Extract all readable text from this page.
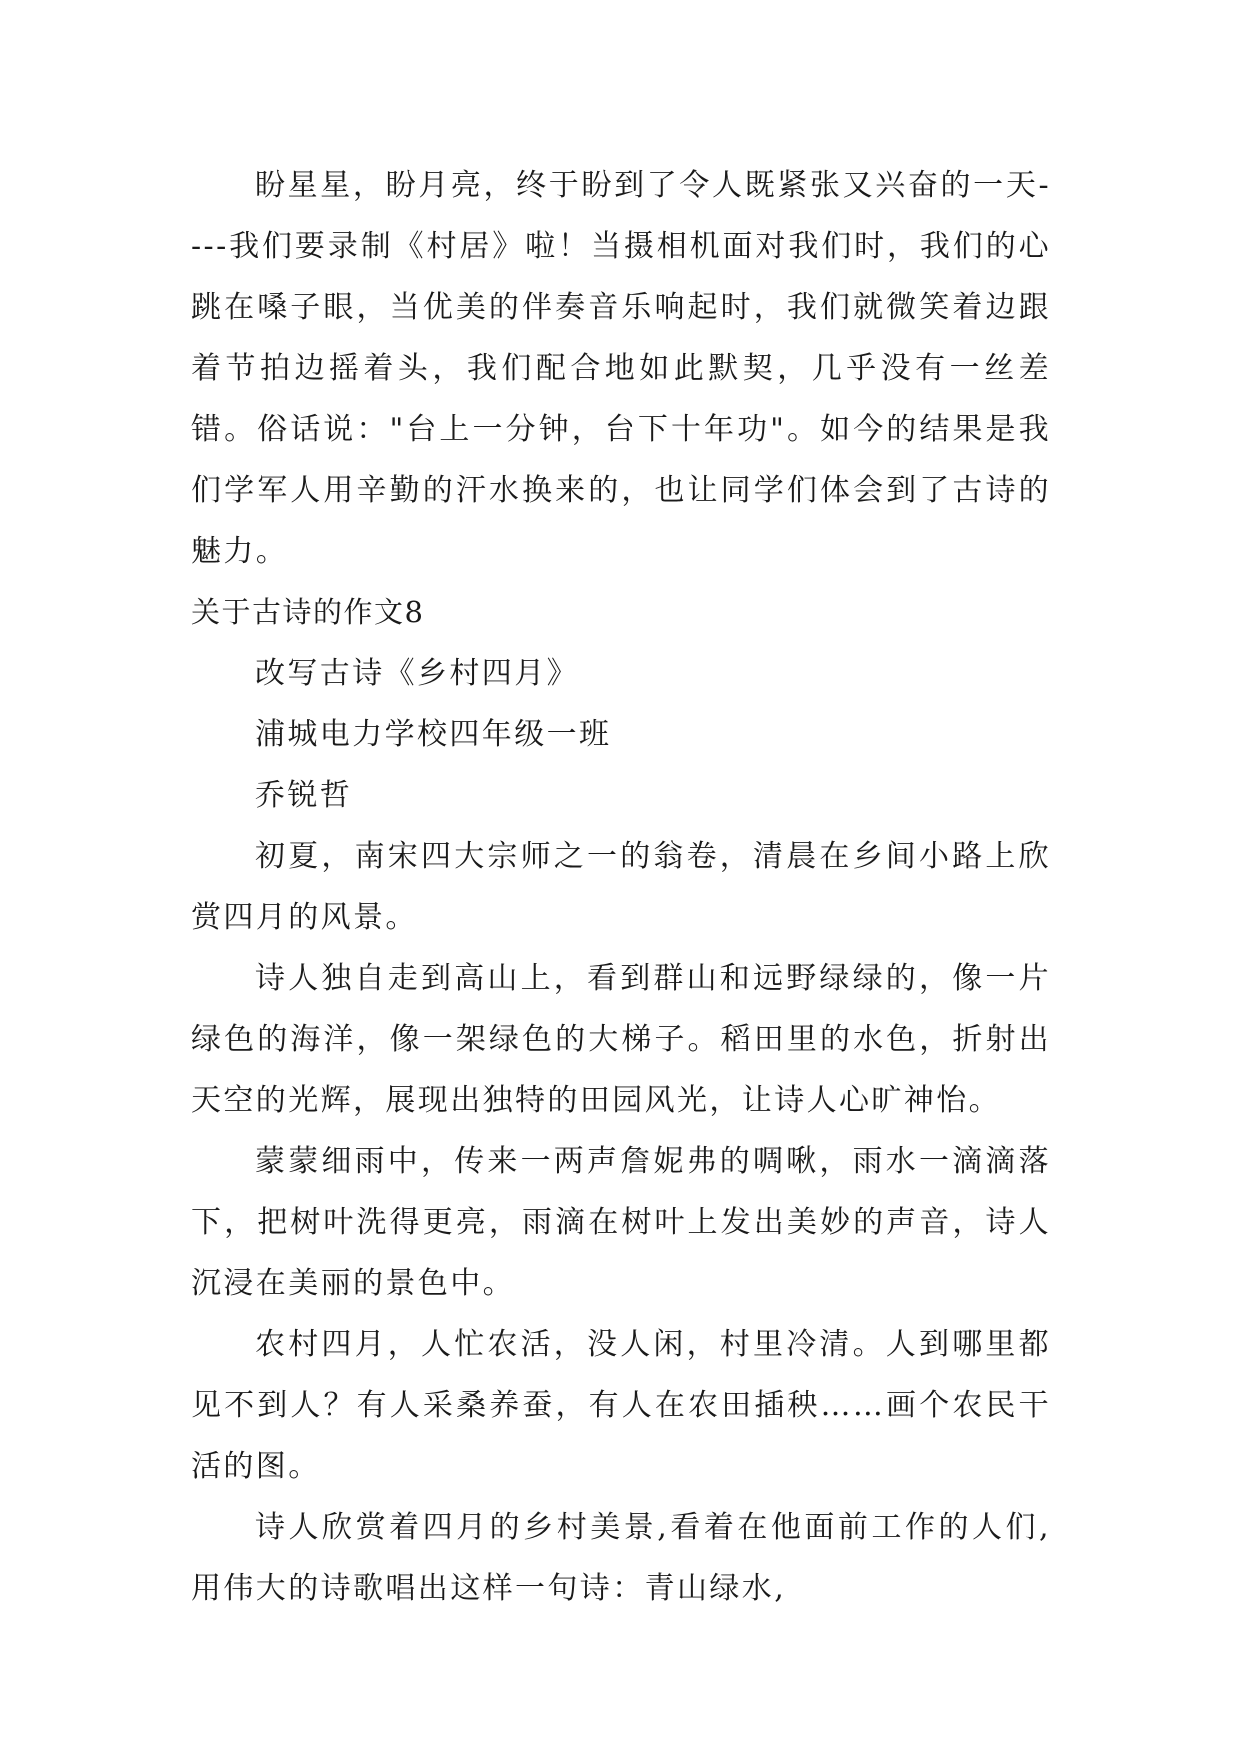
盼星星，盼月亮，终于盼到了令人既紧张又兴奋的一天----我们要录制《村居》啦！当摄相机面对我们时，我们的心跳在嗓子眼，当优美的伴奏音乐响起时，我们就微笑着边跟着节拍边摇着头，我们配合地如此默契，几乎没有一丝差错。俗话说："台上一分钟，台下十年功"。如今的结果是我们学军人用辛勤的汗水换来的，也让同学们体会到了古诗的魅力。

关于古诗的作文8

改写古诗《乡村四月》

浦城电力学校四年级一班

乔锐哲

初夏，南宋四大宗师之一的翁卷，清晨在乡间小路上欣赏四月的风景。

诗人独自走到高山上，看到群山和远野绿绿的，像一片绿色的海洋，像一架绿色的大梯子。稻田里的水色，折射出天空的光辉，展现出独特的田园风光，让诗人心旷神怡。

蒙蒙细雨中，传来一两声詹妮弗的啁啾，雨水一滴滴落下，把树叶洗得更亮，雨滴在树叶上发出美妙的声音，诗人沉浸在美丽的景色中。

农村四月，人忙农活，没人闲，村里冷清。人到哪里都见不到人？有人采桑养蚕，有人在农田插秧……画个农民干活的图。

诗人欣赏着四月的乡村美景,看着在他面前工作的人们,用伟大的诗歌唱出这样一句诗：青山绿水,
